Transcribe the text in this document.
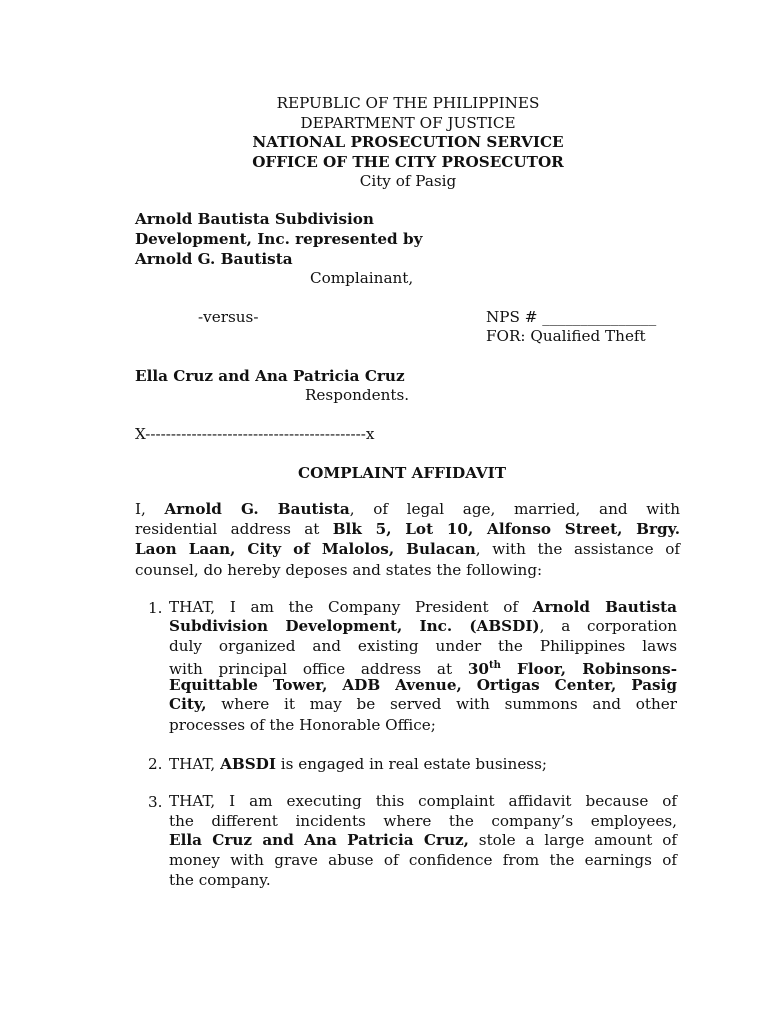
REPUBLIC OF THE PHILIPPINES
DEPARTMENT OF JUSTICE
NATIONAL PROSECUTION SERVICE
OFFICE OF THE CITY PROSECUTOR
City of Pasig
Arnold Bautista Subdivision
Development, Inc. represented by
Arnold G. Bautista
Complainant,
-versus-	NPS # _______________
FOR: Qualified Theft
Ella Cruz and Ana Patricia Cruz
Respondents.
X-------------------------------------------x
COMPLAINT AFFIDAVIT
I, Arnold G. Bautista, of legal age, married, and with
residential address at Blk 5, Lot 10, Alfonso Street, Brgy.
Laon Laan, City of Malolos, Bulacan, with the assistance of
counsel, do hereby deposes and states the following:
1. THAT, I am the Company President of Arnold Bautista
Subdivision Development, Inc. (ABSDI), a corporation
duly organized and existing under the Philippines laws
with principal office address at 30th Floor, Robinsons-
Equittable Tower, ADB Avenue, Ortigas Center, Pasig
City, where it may be served with summons and other
processes of the Honorable Office;
2. THAT, ABSDI is engaged in real estate business;
3. THAT, I am executing this complaint affidavit because of
the different incidents where the company’s employees,
Ella Cruz and Ana Patricia Cruz, stole a large amount of
money with grave abuse of confidence from the earnings of
the company.
